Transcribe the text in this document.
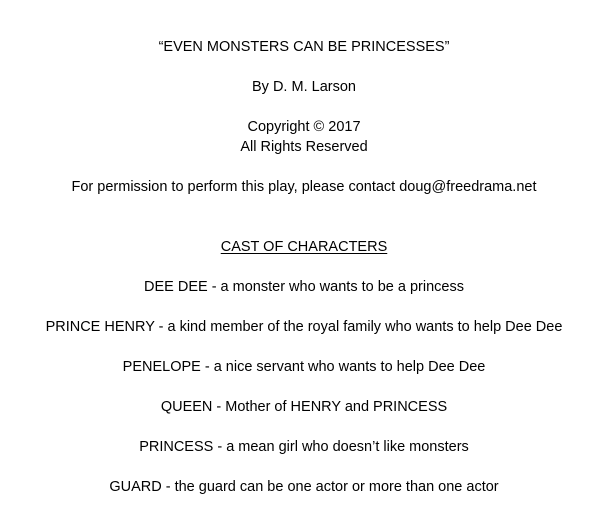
“EVEN MONSTERS CAN BE PRINCESSES”
By D. M. Larson
Copyright © 2017
All Rights Reserved
For permission to perform this play, please contact doug@freedrama.net
CAST OF CHARACTERS
DEE DEE - a monster who wants to be a princess
PRINCE HENRY - a kind member of the royal family who wants to help Dee Dee
PENELOPE - a nice servant who wants to help Dee Dee
QUEEN - Mother of HENRY and PRINCESS
PRINCESS - a mean girl who doesn’t like monsters
GUARD - the guard can be one actor or more than one actor
